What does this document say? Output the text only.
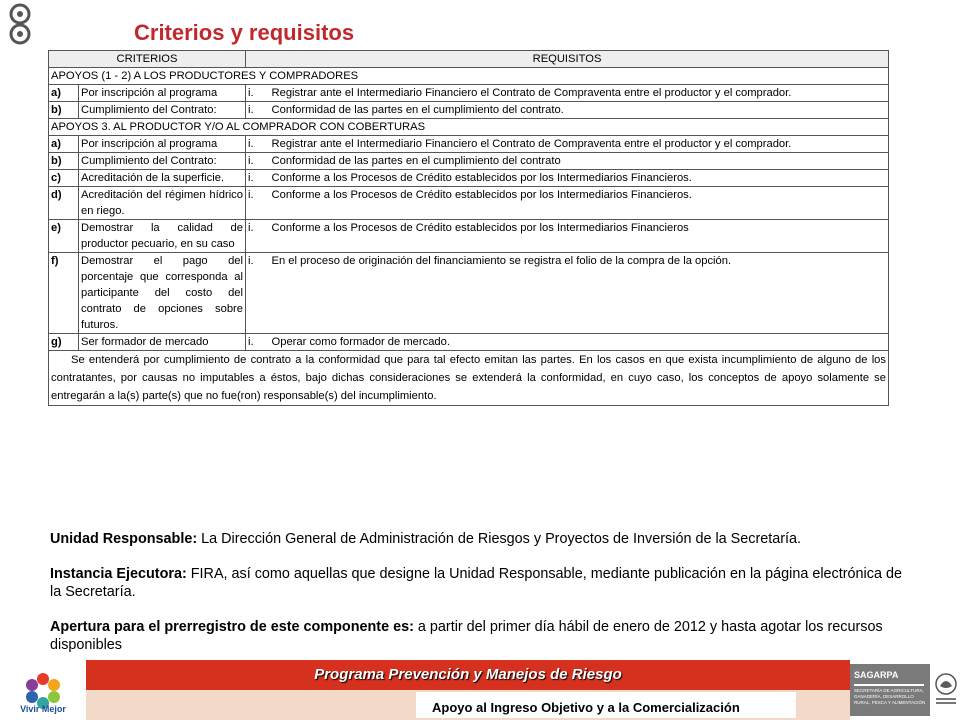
Criterios y requisitos
CRITERIOS		REQUISITOS	
APOYOS (1 - 2) A LOS PRODUCTORES Y COMPRADORES			
a)	Por inscripción al programa	i.	Registrar ante el Intermediario Financiero el Contrato de Compraventa entre el productor y el comprador.
b)	Cumplimiento del Contrato:	i.	Conformidad de las partes en el cumplimiento del contrato.
APOYOS 3. AL PRODUCTOR Y/O AL COMPRADOR CON COBERTURAS			
a)	Por inscripción al programa	i.	Registrar ante el Intermediario Financiero el Contrato de Compraventa entre el productor y el comprador.
b)	Cumplimiento del Contrato:	i.	Conformidad de las partes en el cumplimiento del contrato
c)	Acreditación de la superficie.	i.	Conforme a los Procesos de Crédito establecidos por los Intermediarios Financieros.
d)	Acreditación del régimen hídrico en riego.	i.	Conforme a los Procesos de Crédito establecidos por los Intermediarios Financieros.
e)	Demostrar la calidad de productor pecuario, en su caso	i.	Conforme a los Procesos de Crédito establecidos por los Intermediarios Financieros
f)	Demostrar el pago del porcentaje que corresponda al participante del costo del contrato de opciones sobre futuros.	i.	En el proceso de originación del financiamiento se registra el folio de la compra de la opción.
g)	Ser formador de mercado	i.	Operar como formador de mercado.
Se entenderá por cumplimiento de contrato a la conformidad que para tal efecto emitan las partes. En los casos en que exista incumplimiento de alguno de los contratantes, por causas no imputables a éstos, bajo dichas consideraciones se extenderá la conformidad, en cuyo caso, los conceptos de apoyo solamente se entregarán a la(s) parte(s) que no fue(ron) responsable(s) del incumplimiento.			

Unidad Responsable: La Dirección General de Administración de Riesgos y Proyectos de Inversión de la Secretaría.

Instancia Ejecutora: FIRA, así como aquellas que designe la Unidad Responsable, mediante publicación en la página electrónica de la Secretaría.

Apertura para el prerregistro de este componente es: a partir del primer día hábil de enero de 2012 y hasta agotar los recursos disponibles

Vivir Mejor
Programa Prevención y Manejos de Riesgo
Apoyo al Ingreso Objetivo y a la Comercialización
SAGARPA
SECRETARÍA DE AGRICULTURA, GANADERÍA, DESARROLLO RURAL, PESCA Y ALIMENTACIÓN
